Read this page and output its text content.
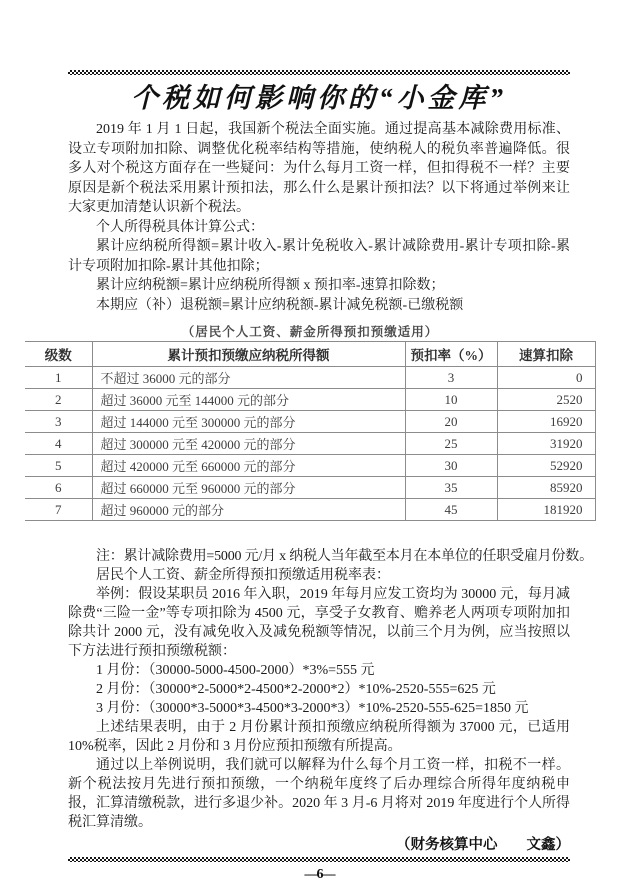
个税如何影响你的“小金库”

2019 年 1 月 1 日起，我国新个税法全面实施。通过提高基本减除费用标准、设立专项附加扣除、调整优化税率结构等措施，使纳税人的税负率普遍降低。很多人对个税这方面存在一些疑问：为什么每月工资一样，但扣得税不一样？主要原因是新个税法采用累计预扣法，那么什么是累计预扣法？以下将通过举例来让大家更加清楚认识新个税法。

个人所得税具体计算公式：

累计应纳税所得额=累计收入-累计免税收入-累计减除费用-累计专项扣除-累计专项附加扣除-累计其他扣除；

累计应纳税额=累计应纳税所得额 x 预扣率-速算扣除数；

本期应（补）退税额=累计应纳税额-累计减免税额-已缴税额

（居民个人工资、薪金所得预扣预缴适用）

级数	累计预扣预缴应纳税所得额	预扣率（%）	速算扣除
1	不超过 36000 元的部分	3	0
2	超过 36000 元至 144000 元的部分	10	2520
3	超过 144000 元至 300000 元的部分	20	16920
4	超过 300000 元至 420000 元的部分	25	31920
5	超过 420000 元至 660000 元的部分	30	52920
6	超过 660000 元至 960000 元的部分	35	85920
7	超过 960000 元的部分	45	181920

注：累计减除费用=5000 元/月 x 纳税人当年截至本月在本单位的任职受雇月份数。

居民个人工资、薪金所得预扣预缴适用税率表：

举例：假设某职员 2016 年入职，2019 年每月应发工资均为 30000 元，每月减除费“三险一金”等专项扣除为 4500 元，享受子女教育、赡养老人两项专项附加扣除共计 2000 元，没有减免收入及减免税额等情况，以前三个月为例，应当按照以下方法进行预扣预缴税额：

1 月份：（30000-5000-4500-2000）*3%=555 元

2 月份：（30000*2-5000*2-4500*2-2000*2）*10%-2520-555=625 元

3 月份：（30000*3-5000*3-4500*3-2000*3）*10%-2520-555-625=1850 元

上述结果表明，由于 2 月份累计预扣预缴应纳税所得额为 37000 元，已适用 10%税率，因此 2 月份和 3 月份应预扣预缴有所提高。

通过以上举例说明，我们就可以解释为什么每个月工资一样，扣税不一样。新个税法按月先进行预扣预缴，一个纳税年度终了后办理综合所得年度纳税申报，汇算清缴税款，进行多退少补。2020 年 3 月-6 月将对 2019 年度进行个人所得税汇算清缴。

（财务核算中心　　文鑫）

—6—
